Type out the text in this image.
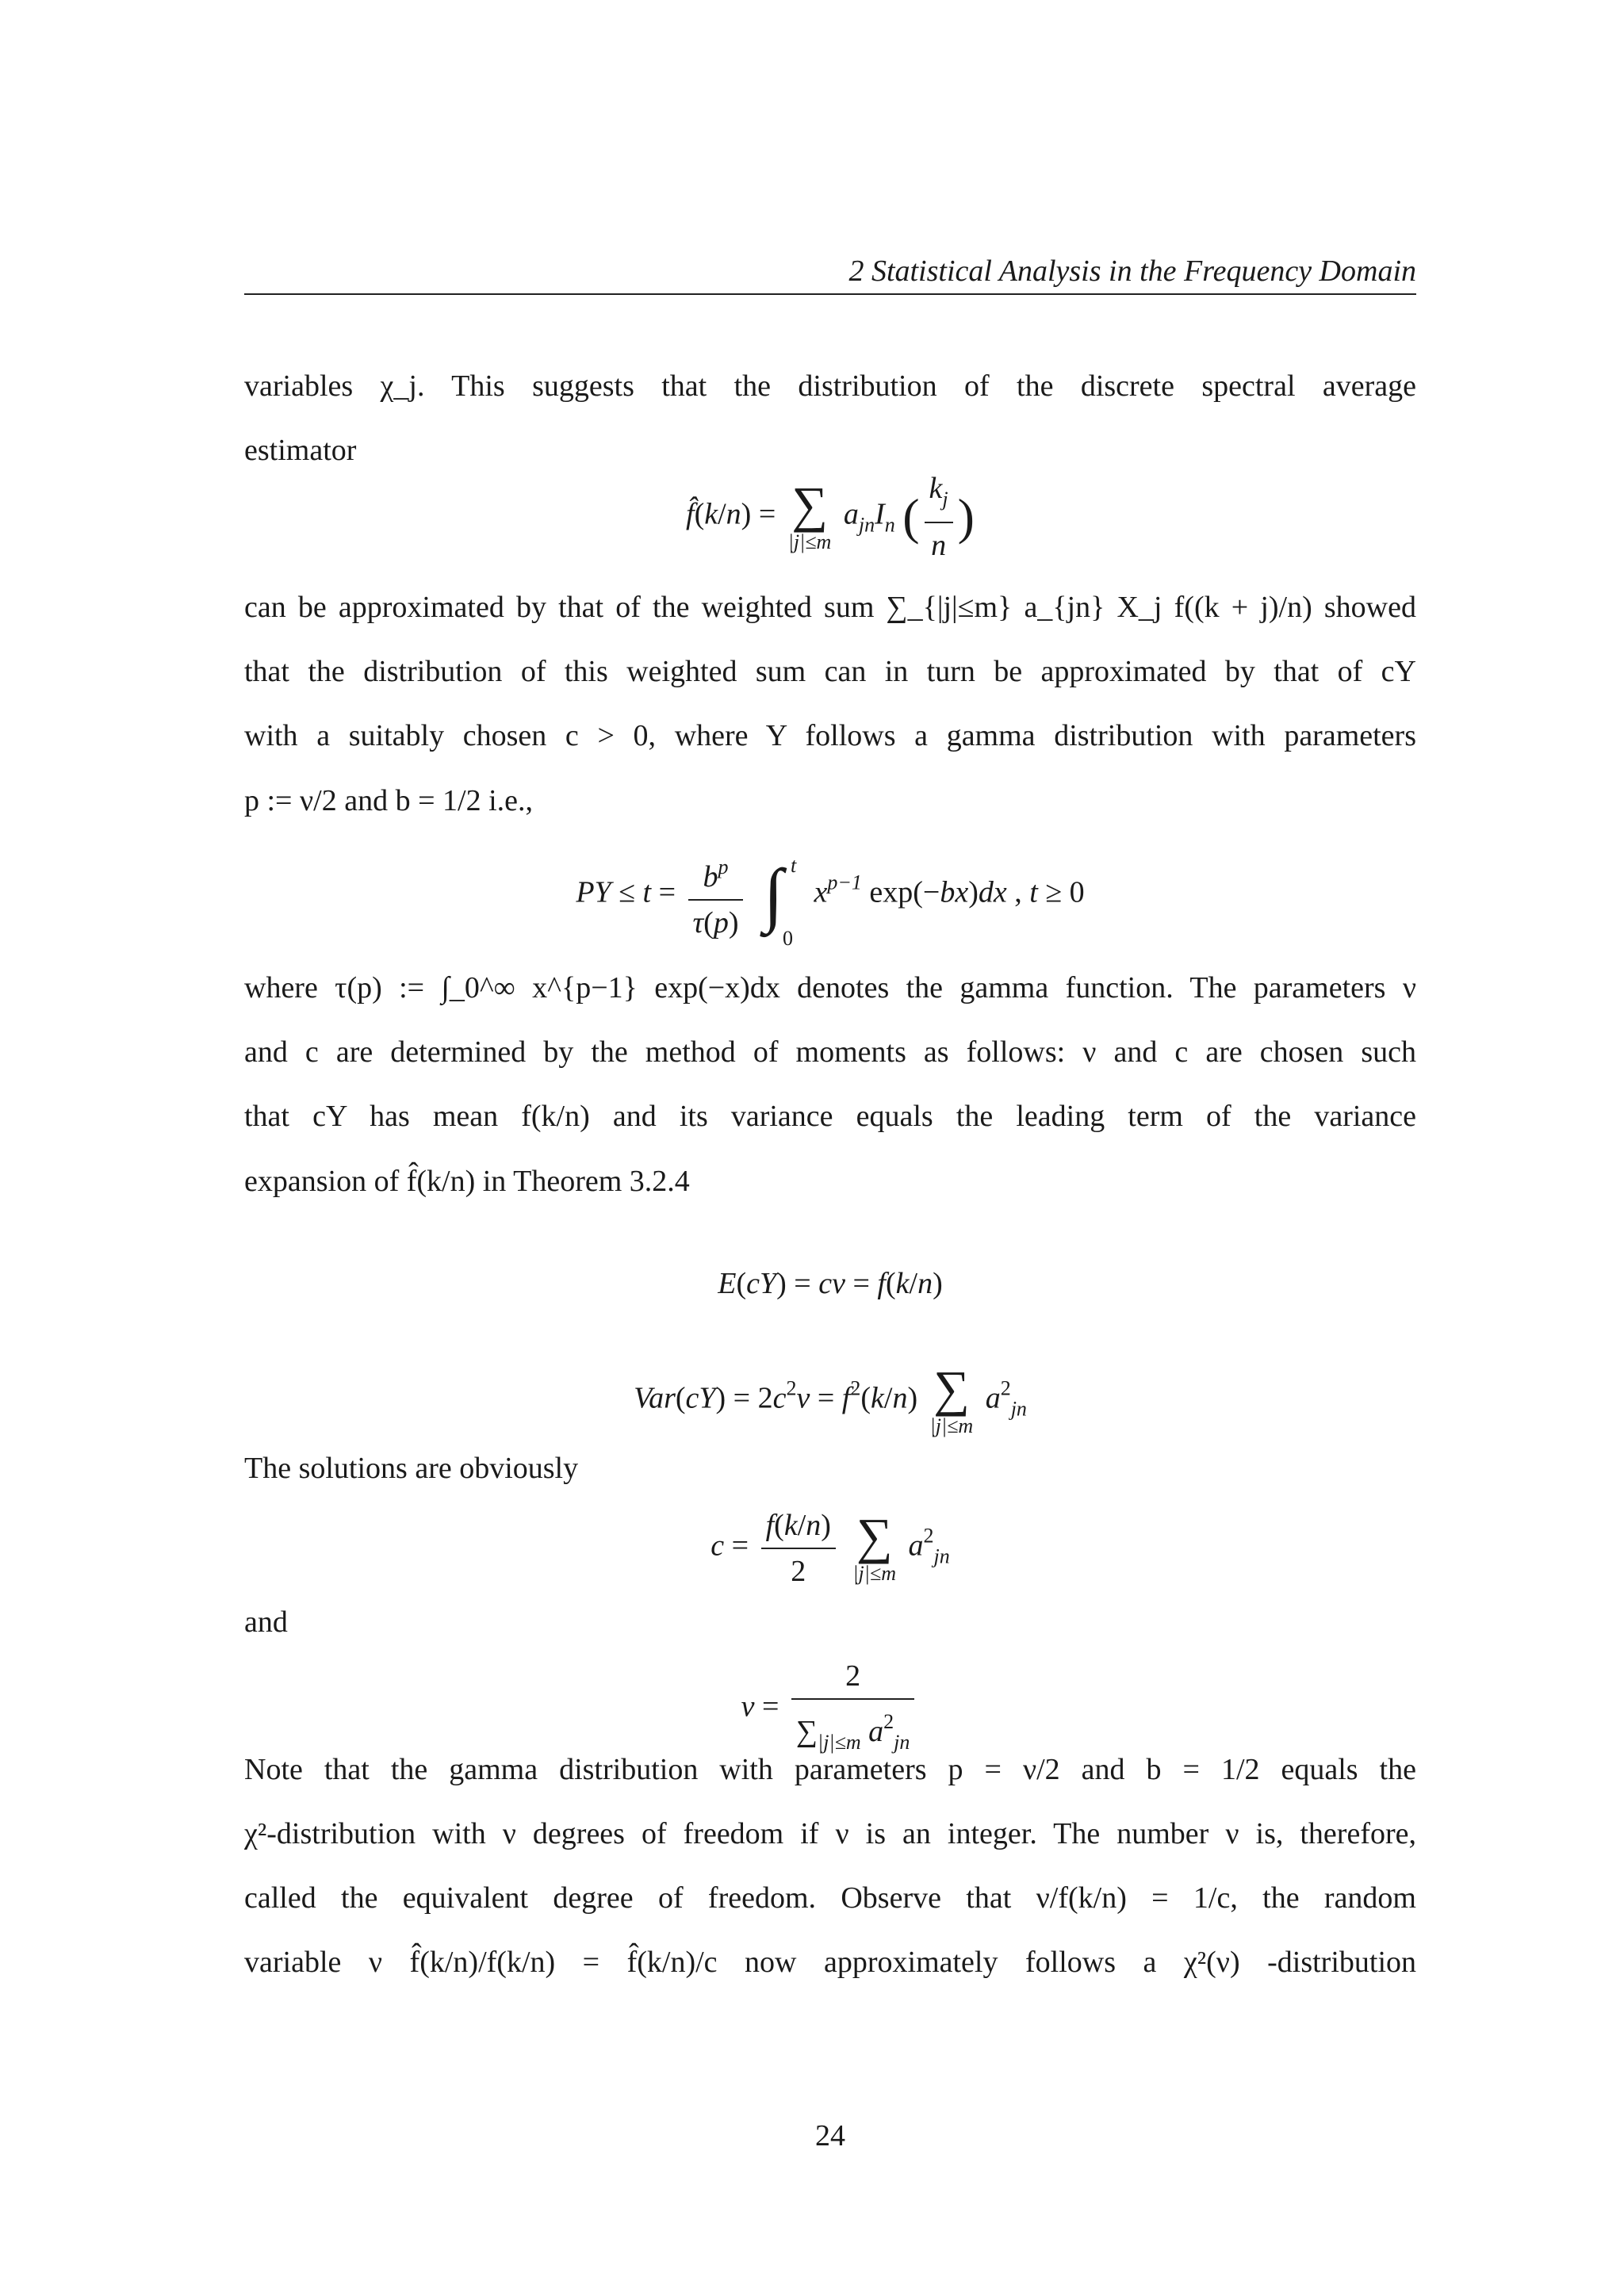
2 Statistical Analysis in the Frequency Domain
variables χ_j. This suggests that the distribution of the discrete spectral average
estimator
f̂(k/n) = ∑
|j|≤m
$a_{jn}I_n$ ( $\frac{k_j}{n}$ )
can be approximated by that of the weighted sum ∑_{|j|≤m} a_{jn} X_j f((k + j)/n) showed
that the distribution of this weighted sum can in turn be approximated by that of cY
with a suitably chosen c > 0, where Y follows a gamma distribution with parameters
p := ν/2 and b = 1/2 i.e.,
PY ≤ $t = \frac{b^p}{\tau(p)}$
∫ t
0
$x^{p-1}$ exp(−bx)dx , t ≥ 0
where τ(p) := ∫_0^∞ x^{p−1} exp(−x)dx denotes the gamma function. The parameters ν
and c are determined by the method of moments as follows: ν and c are chosen such
that cY has mean f(k/n) and its variance equals the leading term of the variance
expansion of f̂(k/n) in Theorem 3.2.4
E(cY) = cν = f(k/n)
$Var(cY) = 2c^2\nu = f^2(k/n)$ ∑
|j|≤m
$a^2_{jn}$
The solutions are obviously
$c = \frac{f(k/n)}{2}$
∑
|j|≤m
$a^2_{jn}$
and
$\nu = \frac{2}{\sum_{|j|\le m} a^2_{jn}}$
Note that the gamma distribution with parameters p = ν/2 and b = 1/2 equals the
χ²-distribution with ν degrees of freedom if ν is an integer. The number ν is, therefore,
called the equivalent degree of freedom. Observe that ν/f(k/n) = 1/c, the random
variable ν f̂(k/n)/f(k/n) = f̂(k/n)/c now approximately follows a χ²(ν) -distribution
24
